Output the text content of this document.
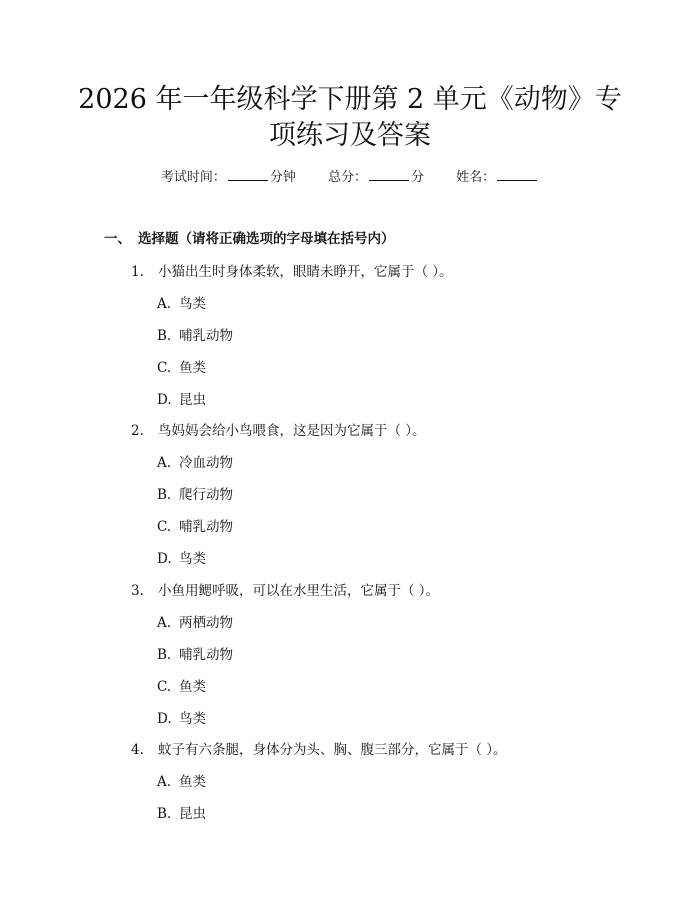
2026 年一年级科学下册第 2 单元《动物》专
项练习及答案
考试时间：	分钟 总分：	分 姓名：
一、 选择题（请将正确选项的字母填在括号内）
1. 小猫出生时身体柔软，眼睛未睁开，它属于（ ）。
A. 鸟类
B. 哺乳动物
C. 鱼类
D. 昆虫
2. 鸟妈妈会给小鸟喂食，这是因为它属于（ ）。
A. 冷血动物
B. 爬行动物
C. 哺乳动物
D. 鸟类
3. 小鱼用鳃呼吸，可以在水里生活，它属于（ ）。
A. 两栖动物
B. 哺乳动物
C. 鱼类
D. 鸟类
4. 蚊子有六条腿，身体分为头、胸、腹三部分，它属于（ ）。
A. 鱼类
B. 昆虫
